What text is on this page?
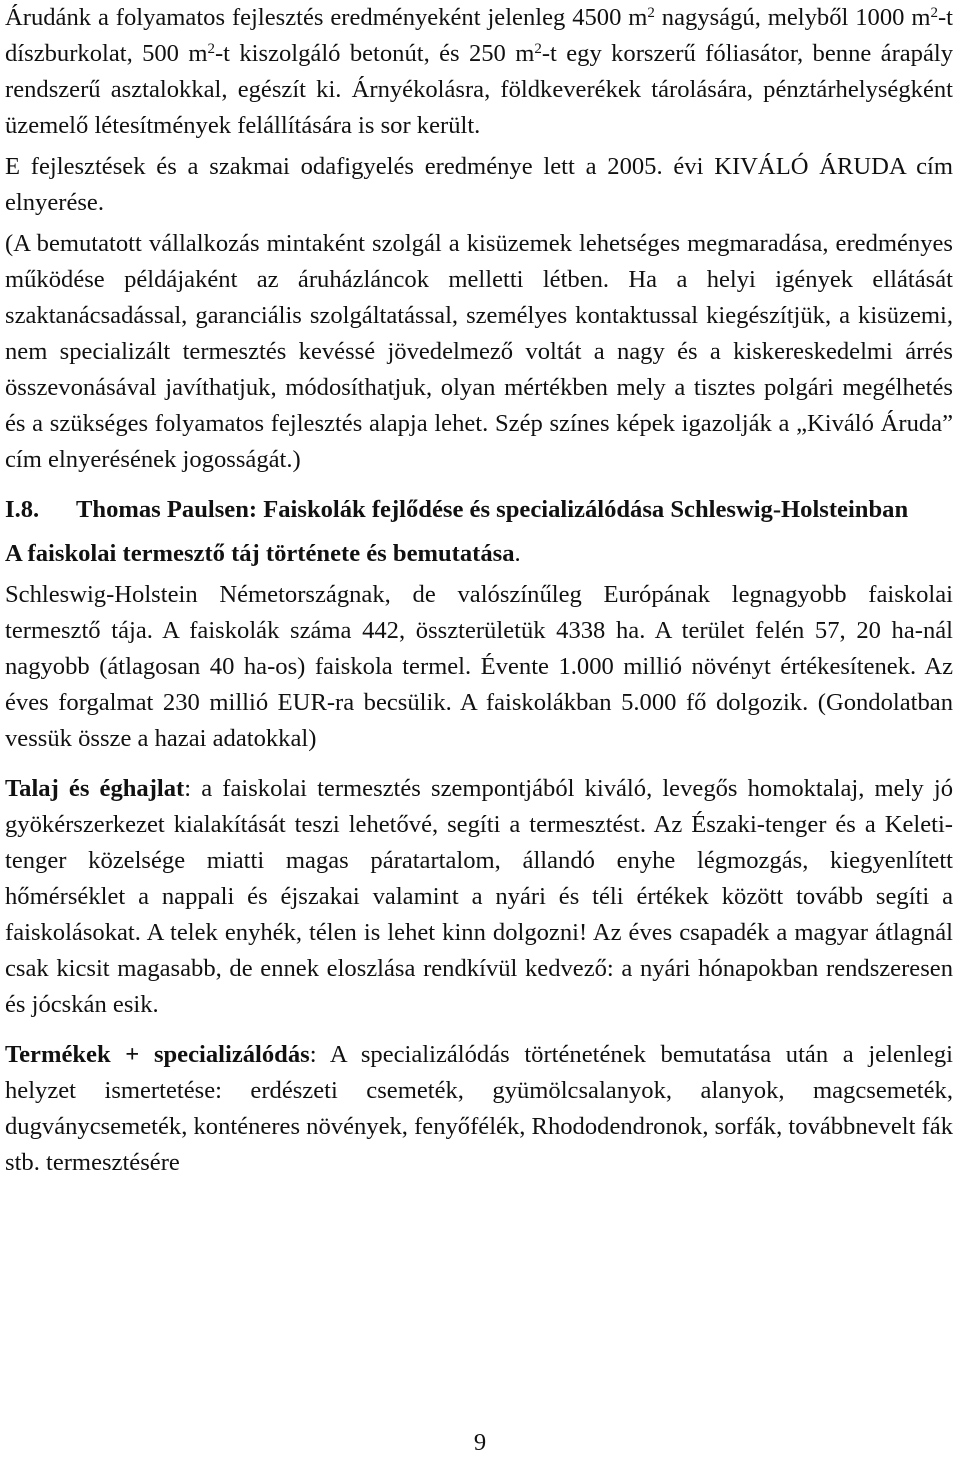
Árudánk a folyamatos fejlesztés eredményeként jelenleg 4500 $m^2$ nagyságú, melyből 1000 $m^2-t$ díszburkolat, 500 $m^2-t$ kiszolgáló betonút, és 250 $m^2-t$ egy korszerű fóliasátor, benne árapály rendszerű asztalokkal, egészít ki. Árnyékolásra, földkeverékek tárolására, pénztárhelységként üzemelő létesítmények felállítására is sor került.

E fejlesztések és a szakmai odafigyelés eredménye lett a 2005. évi KIVÁLÓ ÁRUDA cím elnyerése.

(A bemutatott vállalkozás mintaként szolgál a kisüzemek lehetséges megmaradása, eredményes működése példájaként az áruházláncok melletti létben. Ha a helyi igények ellátását szaktanácsadással, garanciális szolgáltatással, személyes kontaktussal kiegészítjük, a kisüzemi, nem specializált termesztés kevéssé jövedelmező voltát a nagy és a kiskereskedelmi árrés összevonásával javíthatjuk, módosíthatjuk, olyan mértékben mely a tisztes polgári megélhetés és a szükséges folyamatos fejlesztés alapja lehet. Szép színes képek igazolják a „Kiváló Áruda” cím elnyerésének jogosságát.)

I.8.	Thomas Paulsen: Faiskolák fejlődése és specializálódása Schleswig-Holsteinban

A faiskolai termesztő táj története és bemutatása.

Schleswig-Holstein Németországnak, de valószínűleg Európának legnagyobb faiskolai termesztő tája. A faiskolák száma 442, összterületük 4338 ha. A terület felén 57, 20 ha-nál nagyobb (átlagosan 40 ha-os) faiskola termel. Évente 1.000 millió növényt értékesítenek. Az éves forgalmat 230 millió EUR-ra becsülik. A faiskolákban 5.000 fő dolgozik. (Gondolatban vessük össze a hazai adatokkal)

Talaj és éghajlat: a faiskolai termesztés szempontjából kiváló, levegős homoktalaj, mely jó gyökérszerkezet kialakítását teszi lehetővé, segíti a termesztést. Az Északi-tenger és a Keleti-tenger közelsége miatti magas páratartalom, állandó enyhe légmozgás, kiegyenlített hőmérséklet a nappali és éjszakai valamint a nyári és téli értékek között tovább segíti a faiskolásokat. A telek enyhék, télen is lehet kinn dolgozni! Az éves csapadék a magyar átlagnál csak kicsit magasabb, de ennek eloszlása rendkívül kedvező: a nyári hónapokban rendszeresen és jócskán esik.

Termékek + specializálódás: A specializálódás történetének bemutatása után a jelenlegi helyzet ismertetése: erdészeti csemeték, gyümölcsalanyok, alanyok, magcsemeték, dugványcsemeték, konténeres növények, fenyőfélék, Rhododendronok, sorfák, továbbnevelt fák stb. termesztésére

9
